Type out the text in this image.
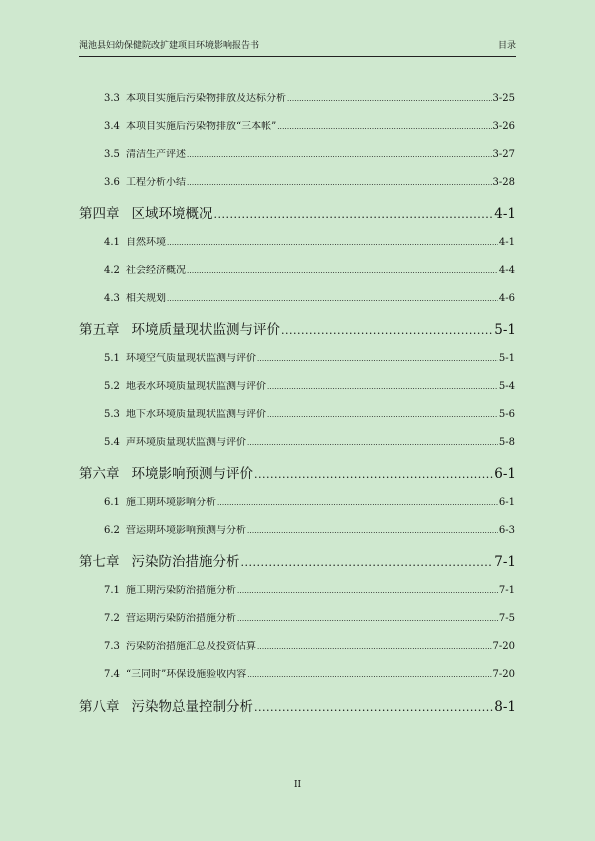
渑池县妇幼保健院改扩建项目环境影响报告书	目录
3.3 本项目实施后污染物排放及达标分析 .....	3-25
3.4 本项目实施后污染物排放“三本帐” .....	3-26
3.5 清洁生产评述 .....	3-27
3.6 工程分析小结 .....	3-28
第四章 区域环境概况 .....	4-1
4.1 自然环境 .....	4-1
4.2 社会经济概况 .....	4-4
4.3 相关规划 .....	4-6
第五章 环境质量现状监测与评价 .....	5-1
5.1 环境空气质量现状监测与评价 .....	5-1
5.2 地表水环境质量现状监测与评价 .....	5-4
5.3 地下水环境质量现状监测与评价 .....	5-6
5.4 声环境质量现状监测与评价 .....	5-8
第六章 环境影响预测与评价 .....	6-1
6.1 施工期环境影响分析 .....	6-1
6.2 营运期环境影响预测与分析 .....	6-3
第七章 污染防治措施分析 .....	7-1
7.1 施工期污染防治措施分析 .....	7-1
7.2 营运期污染防治措施分析 .....	7-5
7.3 污染防治措施汇总及投资估算 .....	7-20
7.4 “三同时”环保设施验收内容 .....	7-20
第八章 污染物总量控制分析 .....	8-1
II
